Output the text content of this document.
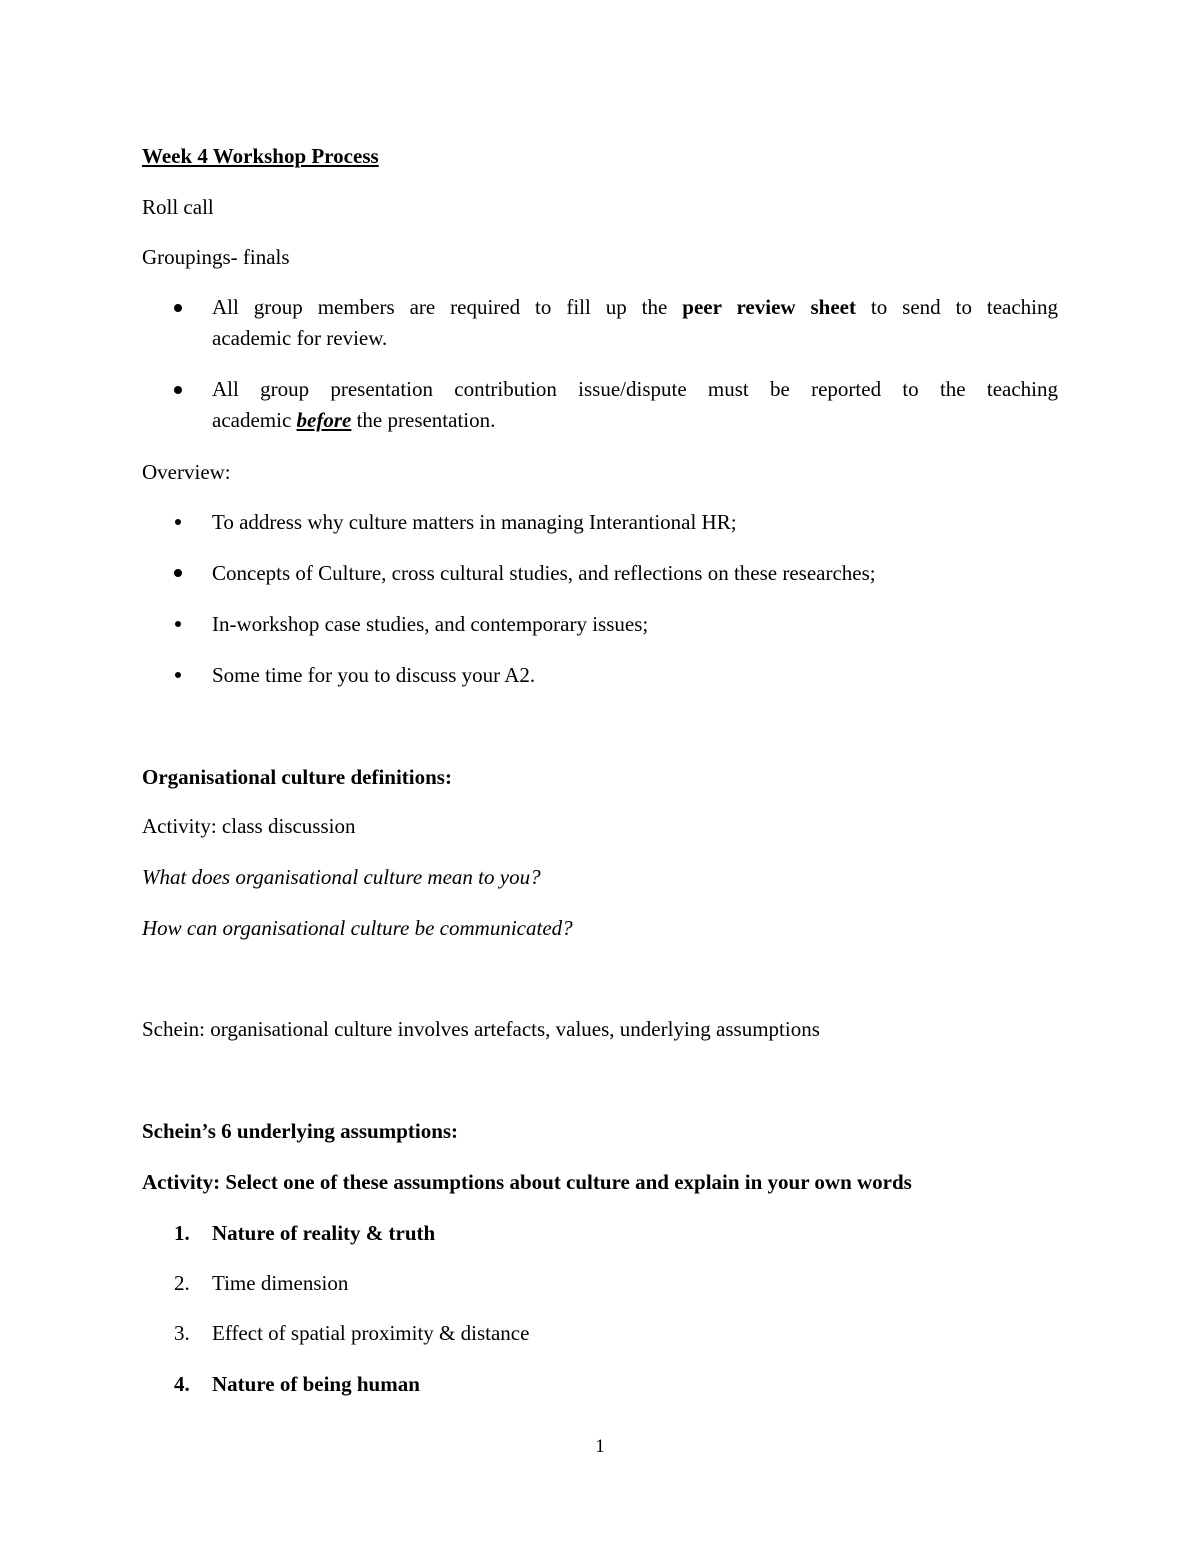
Week 4 Workshop Process
Roll call
Groupings- finals
All group members are required to fill up the peer review sheet to send to teaching
academic for review.
All group presentation contribution issue/dispute must be reported to the teaching
academic before the presentation.
Overview:
To address why culture matters in managing Interantional HR;
Concepts of Culture, cross cultural studies, and reflections on these researches;
In-workshop case studies, and contemporary issues;
Some time for you to discuss your A2.
Organisational culture definitions:
Activity: class discussion
What does organisational culture mean to you?
How can organisational culture be communicated?
Schein: organisational culture involves artefacts, values, underlying assumptions
Schein’s 6 underlying assumptions:
Activity: Select one of these assumptions about culture and explain in your own words
1. Nature of reality & truth
2. Time dimension
3. Effect of spatial proximity & distance
4. Nature of being human
1
